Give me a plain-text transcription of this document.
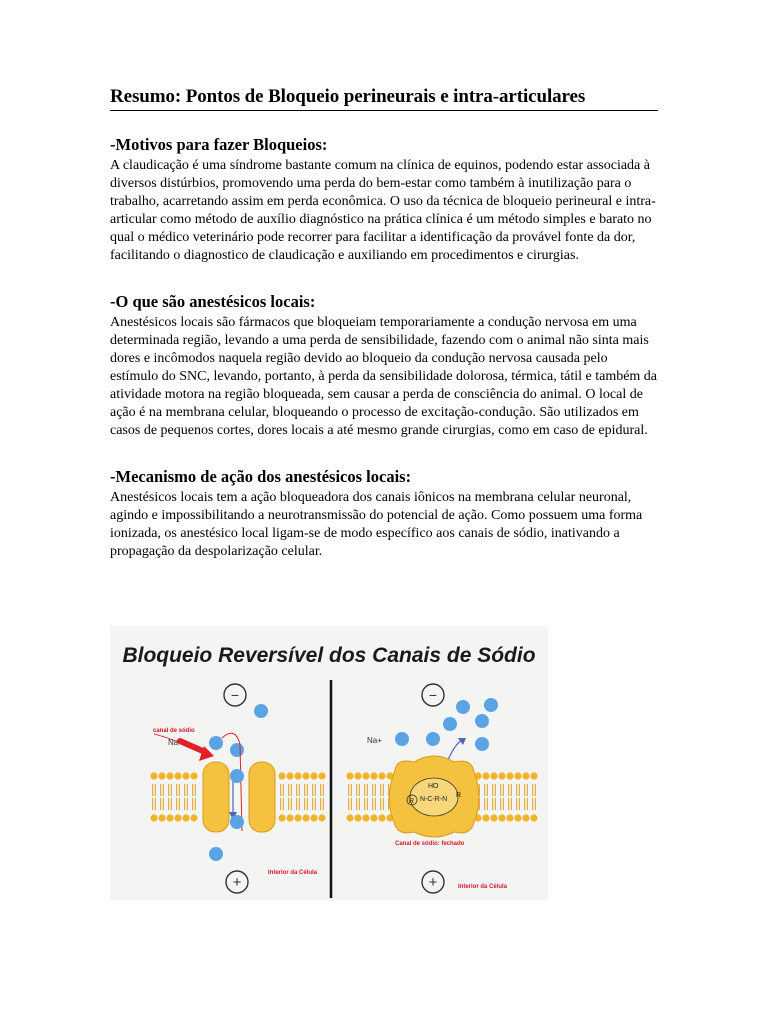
Resumo: Pontos de Bloqueio perineurais e intra-articulares
-Motivos para fazer Bloqueios:

A claudicação é uma síndrome bastante comum na clínica de equinos, podendo estar associada à diversos distúrbios, promovendo uma perda do bem-estar como também à inutilização para o trabalho, acarretando assim em perda econômica. O uso da técnica de bloqueio perineural e intra-articular como método de auxílio diagnóstico na prática clínica é um método simples e barato no qual o médico veterinário pode recorrer para facilitar a identificação da provável fonte da dor, facilitando o diagnostico de claudicação e auxiliando em procedimentos e cirurgias.

-O que são anestésicos locais:

Anestésicos locais são fármacos que bloqueiam temporariamente a condução nervosa em uma determinada região, levando a uma perda de sensibilidade, fazendo com o animal não sinta mais dores e incômodos naquela região devido ao bloqueio da condução nervosa causada pelo estímulo do SNC, levando, portanto, à perda da sensibilidade dolorosa, térmica, tátil e também da atividade motora na região bloqueada, sem causar a perda de consciência do animal. O local de ação é na membrana celular, bloqueando o processo de excitação-condução. São utilizados em casos de pequenos cortes, dores locais a até mesmo grande cirurgias, como em caso de epidural.

-Mecanismo de ação dos anestésicos locais:

Anestésicos locais tem a ação bloqueadora dos canais iônicos na membrana celular neuronal, agindo e impossibilitando a neurotransmissão do potencial de ação. Como possuem uma forma ionizada, os anestésico local ligam-se de modo específico aos canais de sódio, inativando a propagação da despolarização celular.

Bloqueio Reversível dos Canais de Sódio
−
canal de sódio
Na+
+
Interior da Célula
−
Na+
HO
N-C-R-N
R
R
Canal de sódio: fechado
+	Interior da Célula
